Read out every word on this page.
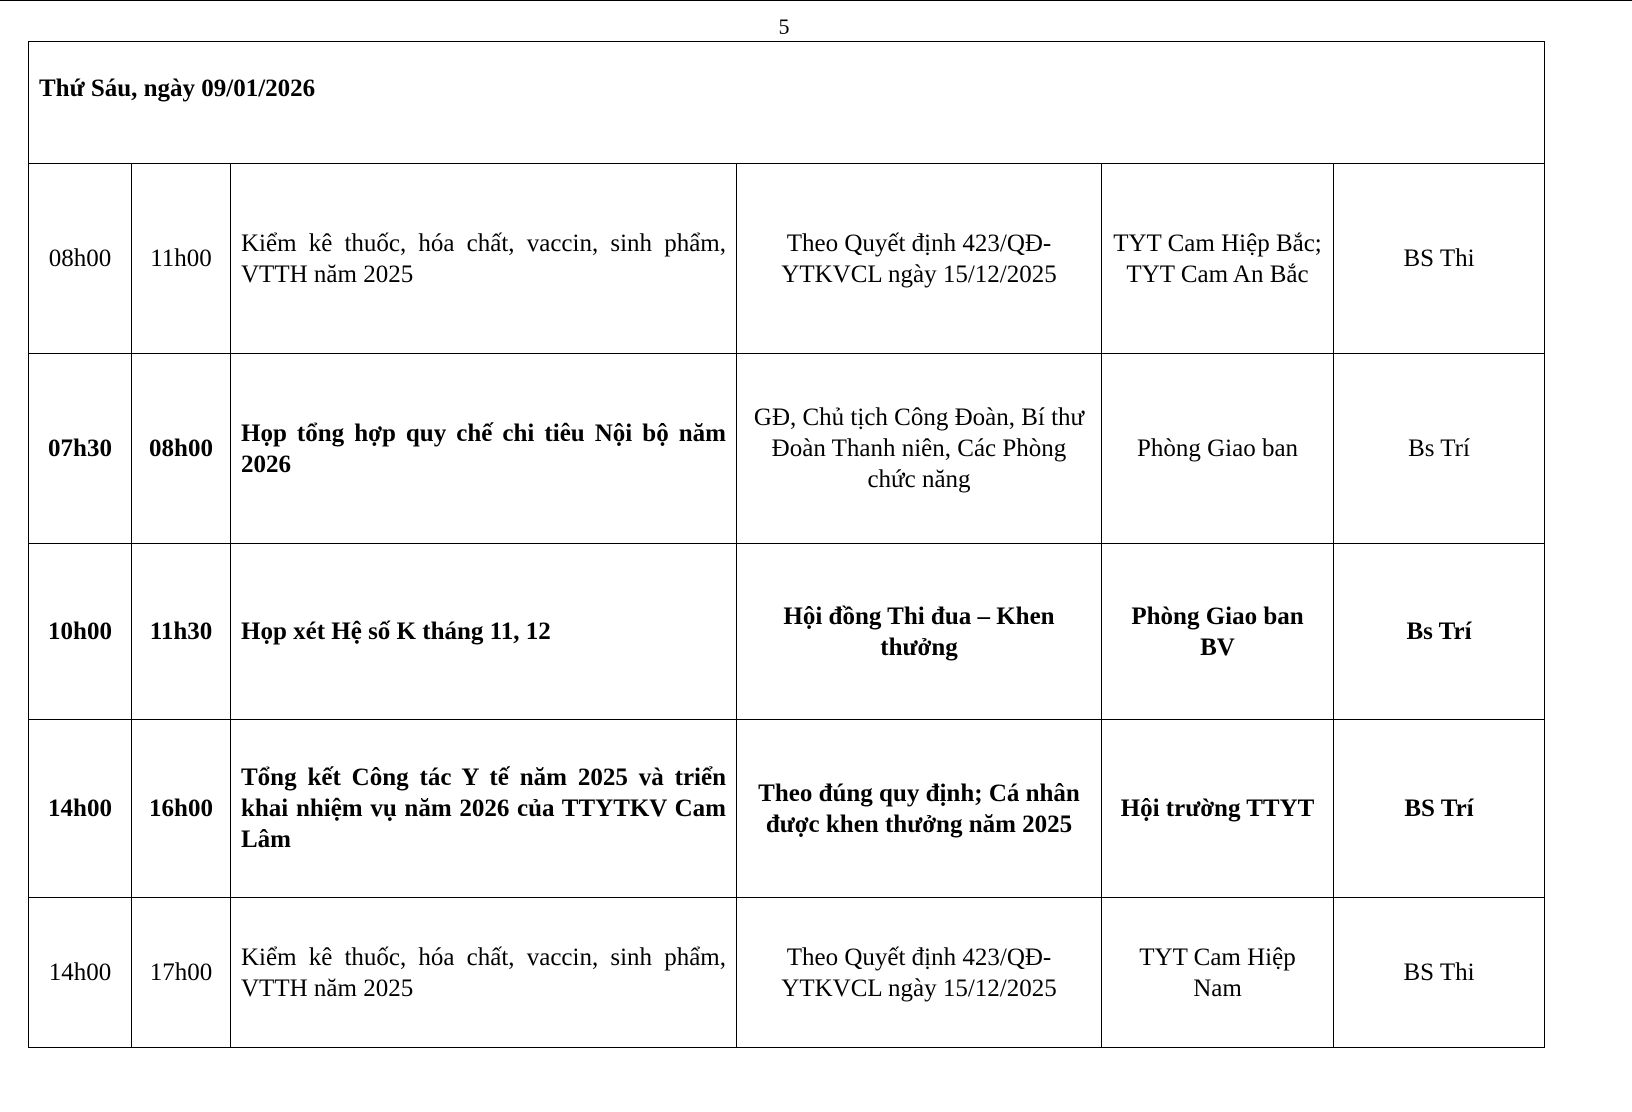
5
Thứ Sáu, ngày 09/01/2026					
08h00	11h00	Kiểm kê thuốc, hóa chất, vaccin, sinh phẩm, VTTH năm 2025	Theo Quyết định 423/QĐ-YTKVCL ngày 15/12/2025	TYT Cam Hiệp Bắc; TYT Cam An Bắc	BS Thi
07h30	08h00	Họp tổng hợp quy chế chi tiêu Nội bộ năm 2026	GĐ, Chủ tịch Công Đoàn, Bí thư Đoàn Thanh niên, Các Phòng chức năng	Phòng Giao ban	Bs Trí
10h00	11h30	Họp xét Hệ số K tháng 11, 12	Hội đồng Thi đua – Khen thưởng	Phòng Giao ban BV	Bs Trí
14h00	16h00	Tổng kết Công tác Y tế năm 2025 và triển khai nhiệm vụ năm 2026 của TTYTKV Cam Lâm	Theo đúng quy định; Cá nhân được khen thưởng năm 2025	Hội trường TTYT	BS Trí
14h00	17h00	Kiểm kê thuốc, hóa chất, vaccin, sinh phẩm, VTTH năm 2025	Theo Quyết định 423/QĐ-YTKVCL ngày 15/12/2025	TYT Cam Hiệp Nam	BS Thi
